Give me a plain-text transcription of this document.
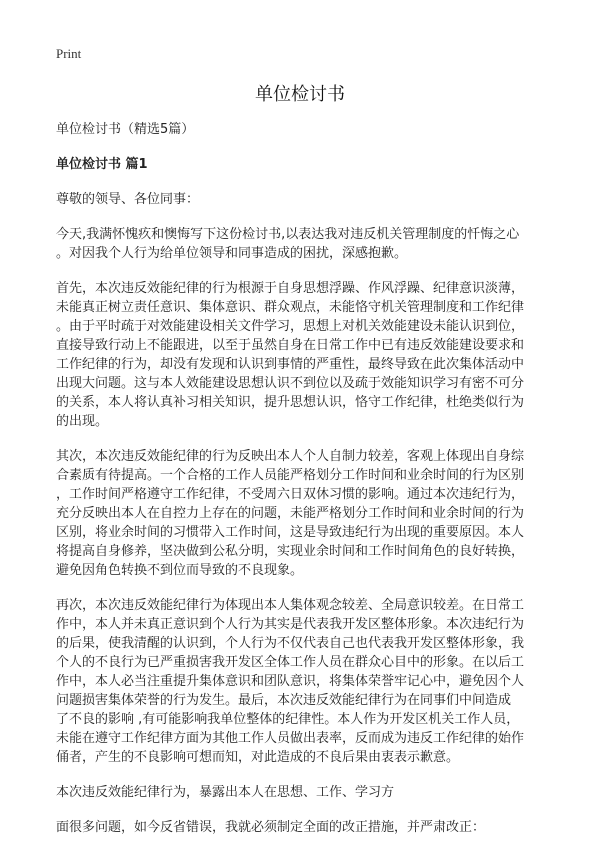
Print
单位检讨书

单位检讨书（精选5篇）

单位检讨书 篇1

尊敬的领导、各位同事：

今天,我满怀愧疚和懊悔写下这份检讨书,以表达我对违反机关管理制度的忏悔之心

。对因我个人行为给单位领导和同事造成的困扰，深感抱歉。

首先，本次违反效能纪律的行为根源于自身思想浮躁、作风浮躁、纪律意识淡薄，

未能真正树立责任意识、集体意识、群众观点，未能恪守机关管理制度和工作纪律

。由于平时疏于对效能建设相关文件学习，思想上对机关效能建设未能认识到位，

直接导致行动上不能跟进，以至于虽然自身在日常工作中已有违反效能建设要求和

工作纪律的行为，却没有发现和认识到事情的严重性，最终导致在此次集体活动中

出现大问题。这与本人效能建设思想认识不到位以及疏于效能知识学习有密不可分

的关系，本人将认真补习相关知识，提升思想认识，恪守工作纪律，杜绝类似行为

的出现。

其次，本次违反效能纪律的行为反映出本人个人自制力较差，客观上体现出自身综

合素质有待提高。一个合格的工作人员能严格划分工作时间和业余时间的行为区别

，工作时间严格遵守工作纪律，不受周六日双休习惯的影响。通过本次违纪行为，

充分反映出本人在自控力上存在的问题，未能严格划分工作时间和业余时间的行为

区别，将业余时间的习惯带入工作时间，这是导致违纪行为出现的重要原因。本人

将提高自身修养，坚决做到公私分明，实现业余时间和工作时间角色的良好转换，

避免因角色转换不到位而导致的不良现象。

再次，本次违反效能纪律行为体现出本人集体观念较差、全局意识较差。在日常工

作中，本人并未真正意识到个人行为其实是代表我开发区整体形象。本次违纪行为

的后果，使我清醒的认识到，个人行为不仅代表自己也代表我开发区整体形象，我

个人的不良行为已严重损害我开发区全体工作人员在群众心目中的形象。在以后工

作中，本人必当注重提升集体意识和团队意识，将集体荣誉牢记心中，避免因个人

问题损害集体荣誉的行为发生。最后，本次违反效能纪律行为在同事们中间造成

了不良的影响 ,有可能影响我单位整体的纪律性。本人作为开发区机关工作人员，

未能在遵守工作纪律方面为其他工作人员做出表率，反而成为违反工作纪律的始作

俑者，产生的不良影响可想而知，对此造成的不良后果由衷表示歉意。

本次违反效能纪律行为，暴露出本人在思想、工作、学习方

面很多问题，如今反省错误，我就必须制定全面的改正措施，并严肃改正：
